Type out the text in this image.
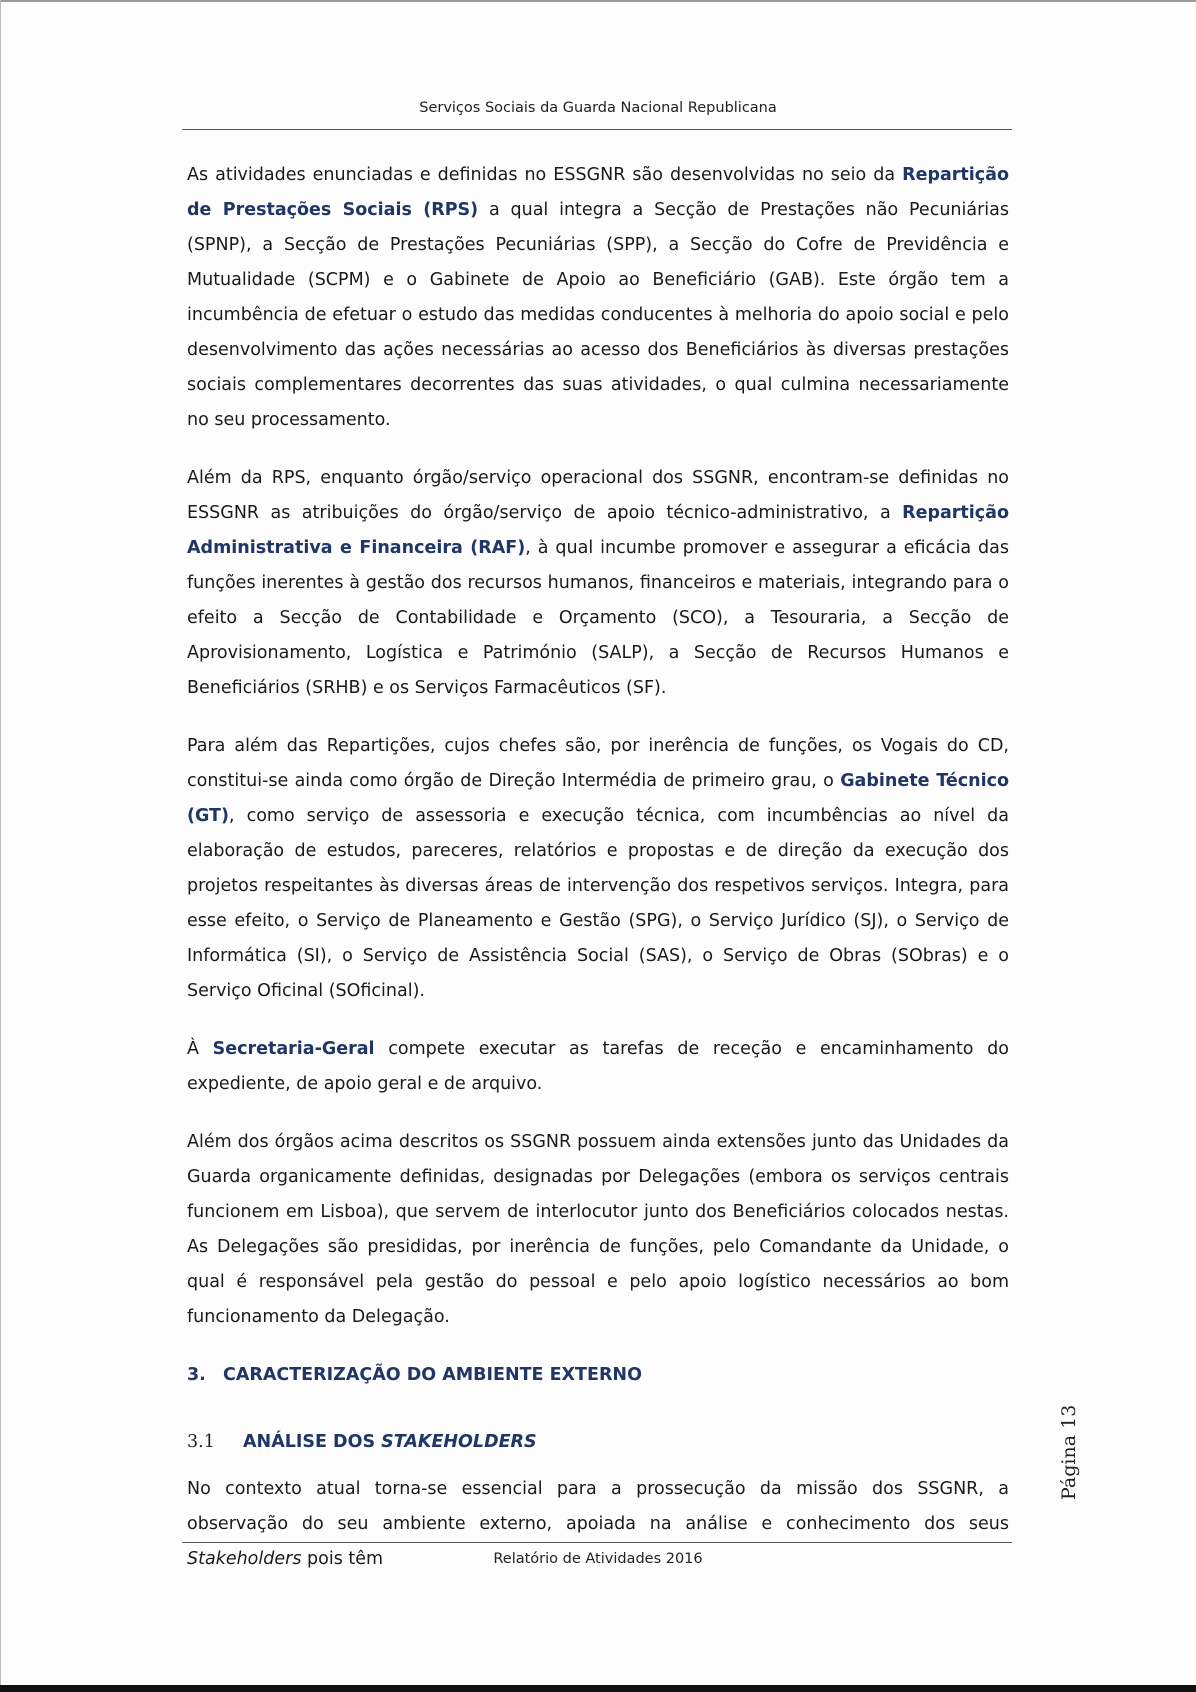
Serviços Sociais da Guarda Nacional Republicana

As atividades enunciadas e definidas no ESSGNR são desenvolvidas no seio da Repartição de Prestações Sociais (RPS) a qual integra a Secção de Prestações não Pecuniárias (SPNP), a Secção de Prestações Pecuniárias (SPP), a Secção do Cofre de Previdência e Mutualidade (SCPM) e o Gabinete de Apoio ao Beneficiário (GAB). Este órgão tem a incumbência de efetuar o estudo das medidas conducentes à melhoria do apoio social e pelo desenvolvimento das ações necessárias ao acesso dos Beneficiários às diversas prestações sociais complementares decorrentes das suas atividades, o qual culmina necessariamente no seu processamento.

Além da RPS, enquanto órgão/serviço operacional dos SSGNR, encontram-se definidas no ESSGNR as atribuições do órgão/serviço de apoio técnico-administrativo, a Repartição Administrativa e Financeira (RAF), à qual incumbe promover e assegurar a eficácia das funções inerentes à gestão dos recursos humanos, financeiros e materiais, integrando para o efeito a Secção de Contabilidade e Orçamento (SCO), a Tesouraria, a Secção de Aprovisionamento, Logística e Património (SALP), a Secção de Recursos Humanos e Beneficiários (SRHB) e os Serviços Farmacêuticos (SF).

Para além das Repartições, cujos chefes são, por inerência de funções, os Vogais do CD, constitui-se ainda como órgão de Direção Intermédia de primeiro grau, o Gabinete Técnico (GT), como serviço de assessoria e execução técnica, com incumbências ao nível da elaboração de estudos, pareceres, relatórios e propostas e de direção da execução dos projetos respeitantes às diversas áreas de intervenção dos respetivos serviços. Integra, para esse efeito, o Serviço de Planeamento e Gestão (SPG), o Serviço Jurídico (SJ), o Serviço de Informática (SI), o Serviço de Assistência Social (SAS), o Serviço de Obras (SObras) e o Serviço Oficinal (SOficinal).

À Secretaria-Geral compete executar as tarefas de receção e encaminhamento do expediente, de apoio geral e de arquivo.

Além dos órgãos acima descritos os SSGNR possuem ainda extensões junto das Unidades da Guarda organicamente definidas, designadas por Delegações (embora os serviços centrais funcionem em Lisboa), que servem de interlocutor junto dos Beneficiários colocados nestas. As Delegações são presididas, por inerência de funções, pelo Comandante da Unidade, o qual é responsável pela gestão do pessoal e pelo apoio logístico necessários ao bom funcionamento da Delegação.

3. CARACTERIZAÇÃO DO AMBIENTE EXTERNO
3.1 ANÁLISE DOS STAKEHOLDERS

No contexto atual torna-se essencial para a prossecução da missão dos SSGNR, a observação do seu ambiente externo, apoiada na análise e conhecimento dos seus Stakeholders pois têm

Página 13
Relatório de Atividades 2016
